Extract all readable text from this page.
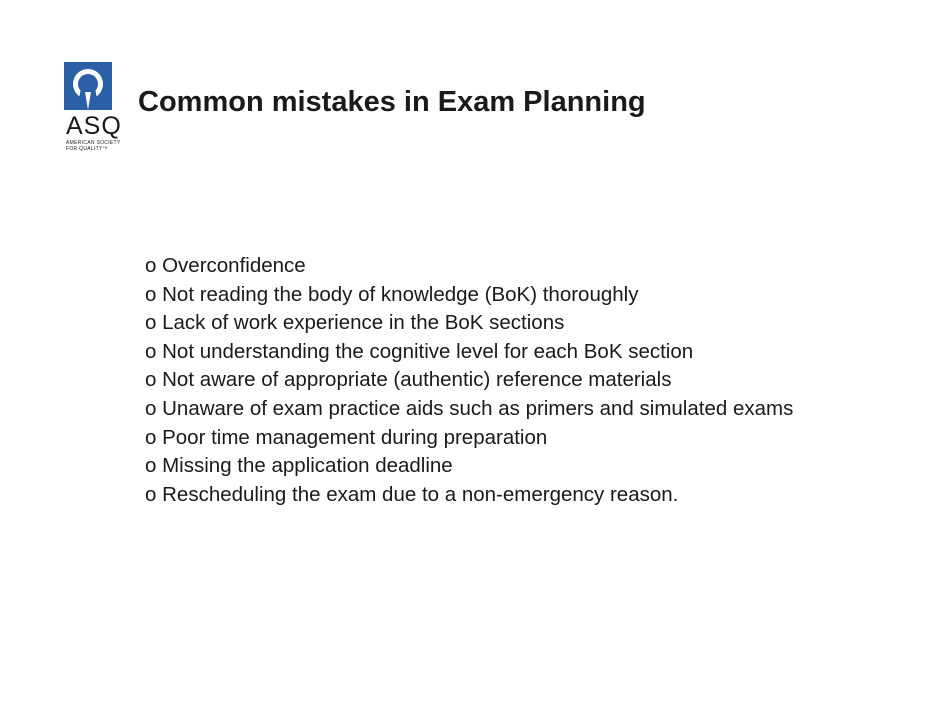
ASQ
AMERICAN SOCIETY
FOR QUALITY™
Common mistakes in Exam Planning
o Overconfidence
o Not reading the body of knowledge (BoK) thoroughly
o Lack of work experience in the BoK sections
o Not understanding the cognitive level for each BoK section
o Not aware of appropriate (authentic) reference materials
o Unaware of exam practice aids such as primers and simulated exams
o Poor time management during preparation
o Missing the application deadline
o Rescheduling the exam due to a non-emergency reason.
